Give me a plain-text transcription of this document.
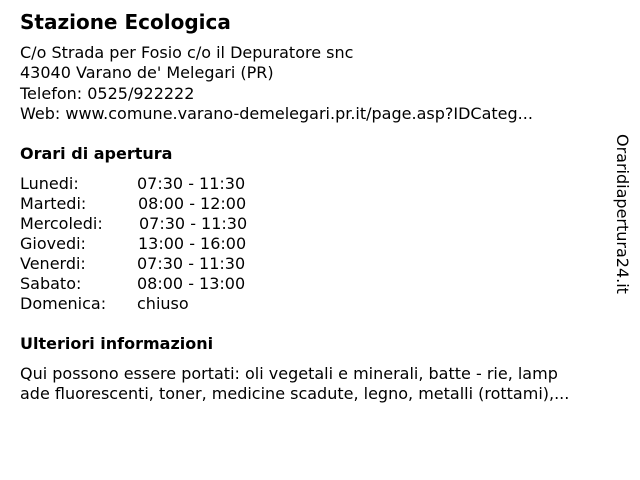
Stazione Ecologica
C/o Strada per Fosio c/o il Depuratore snc
43040 Varano de' Melegari (PR)
Telefon: 0525/922222
Web: www.comune.varano-demelegari.pr.it/page.asp?IDCateg...
Orari di apertura
Lunedi:	07:30 - 11:30
Martedi:	08:00 - 12:00
Mercoledi: 07:30 - 11:30
Giovedi:	13:00 - 16:00
Venerdi:	07:30 - 11:30
Sabato:	08:00 - 13:00
Domenica: chiuso
Ulteriori informazioni
Qui possono essere portati: oli vegetali e minerali, batte - rie, lamp
ade fluorescenti, toner, medicine scadute, legno, metalli (rottami),...
Oraridiapertura24.it
